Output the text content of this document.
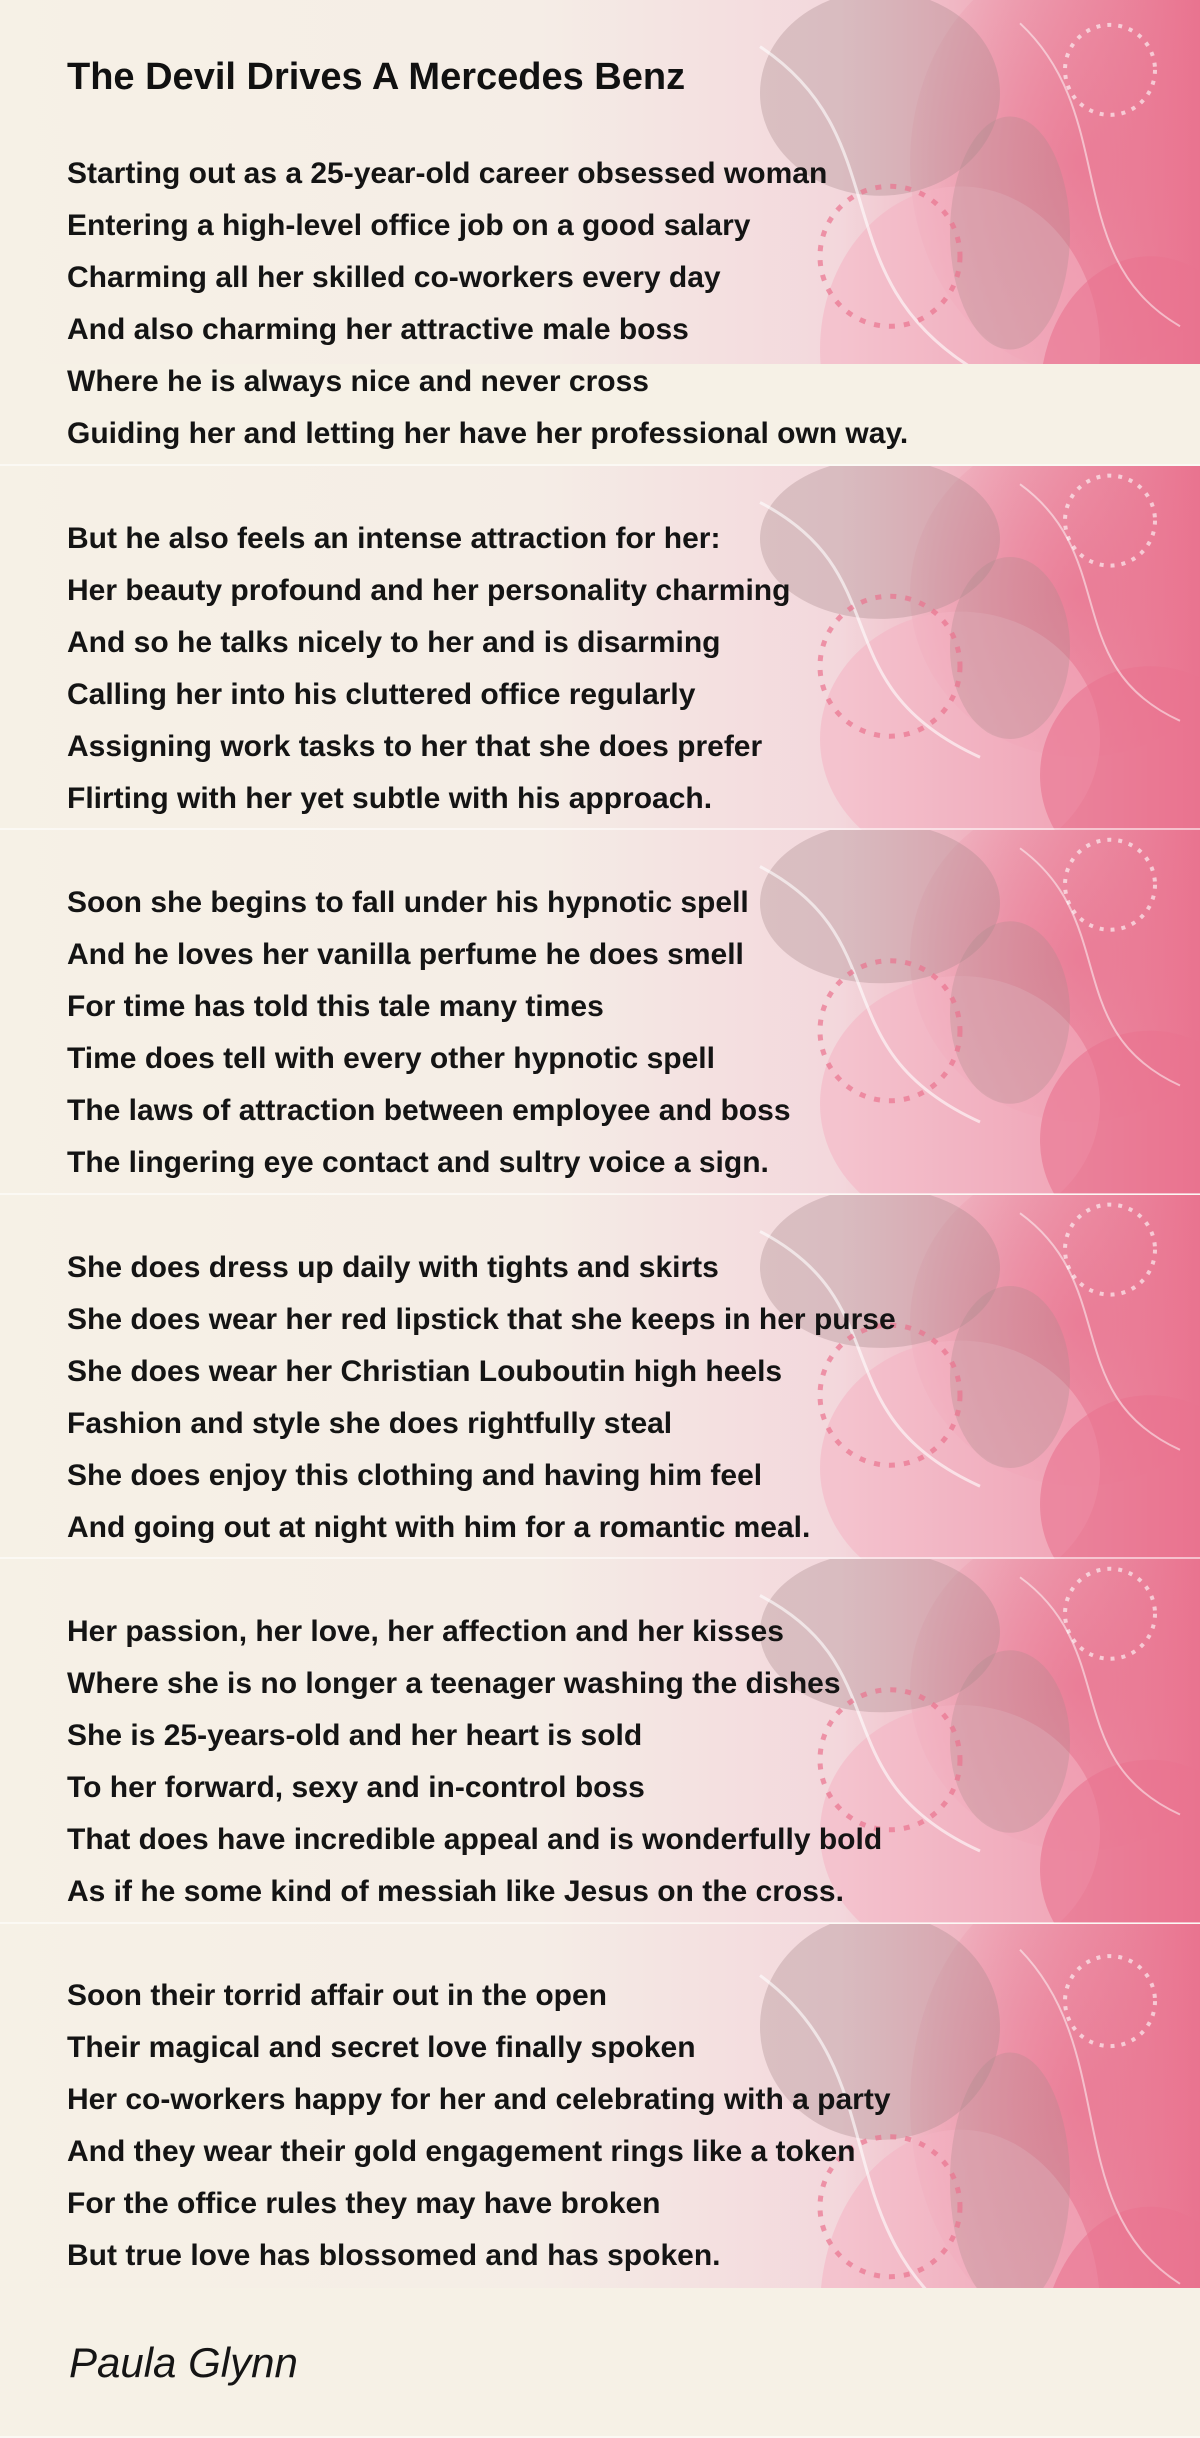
The Devil Drives A Mercedes Benz
Starting out as a 25-year-old career obsessed woman
Entering a high-level office job on a good salary
Charming all her skilled co-workers every day
And also charming her attractive male boss
Where he is always nice and never cross
Guiding her and letting her have her professional own way.
But he also feels an intense attraction for her:
Her beauty profound and her personality charming
And so he talks nicely to her and is disarming
Calling her into his cluttered office regularly
Assigning work tasks to her that she does prefer
Flirting with her yet subtle with his approach.
Soon she begins to fall under his hypnotic spell
And he loves her vanilla perfume he does smell
For time has told this tale many times
Time does tell with every other hypnotic spell
The laws of attraction between employee and boss
The lingering eye contact and sultry voice a sign.
She does dress up daily with tights and skirts
She does wear her red lipstick that she keeps in her purse
She does wear her Christian Louboutin high heels
Fashion and style she does rightfully steal
She does enjoy this clothing and having him feel
And going out at night with him for a romantic meal.
Her passion, her love, her affection and her kisses
Where she is no longer a teenager washing the dishes
She is 25-years-old and her heart is sold
To her forward, sexy and in-control boss
That does have incredible appeal and is wonderfully bold
As if he some kind of messiah like Jesus on the cross.
Soon their torrid affair out in the open
Their magical and secret love finally spoken
Her co-workers happy for her and celebrating with a party
And they wear their gold engagement rings like a token
For the office rules they may have broken
But true love has blossomed and has spoken.
Paula Glynn
